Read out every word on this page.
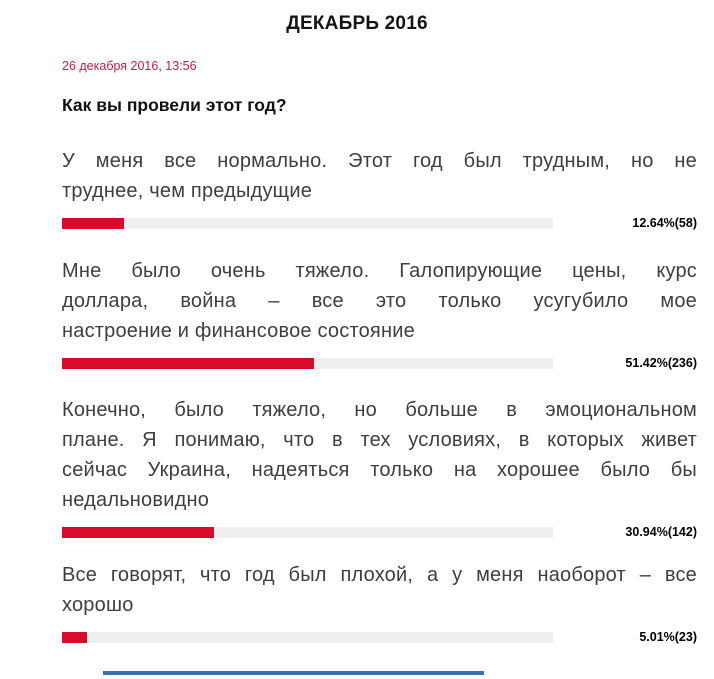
ДЕКАБРЬ 2016
26 декабря 2016, 13:56
Как вы провели этот год?
У меня все нормально. Этот год был трудным, но не
труднее, чем предыдущие
12.64%(58)
Мне было очень тяжело. Галопирующие цены, курс
доллара, война – все это только усугубило мое
настроение и финансовое состояние
51.42%(236)
Конечно, было тяжело, но больше в эмоциональном
плане. Я понимаю, что в тех условиях, в которых живет
сейчас Украина, надеяться только на хорошее было бы
недальновидно
30.94%(142)
Все говорят, что год был плохой, а у меня наоборот – все
хорошо
5.01%(23)
